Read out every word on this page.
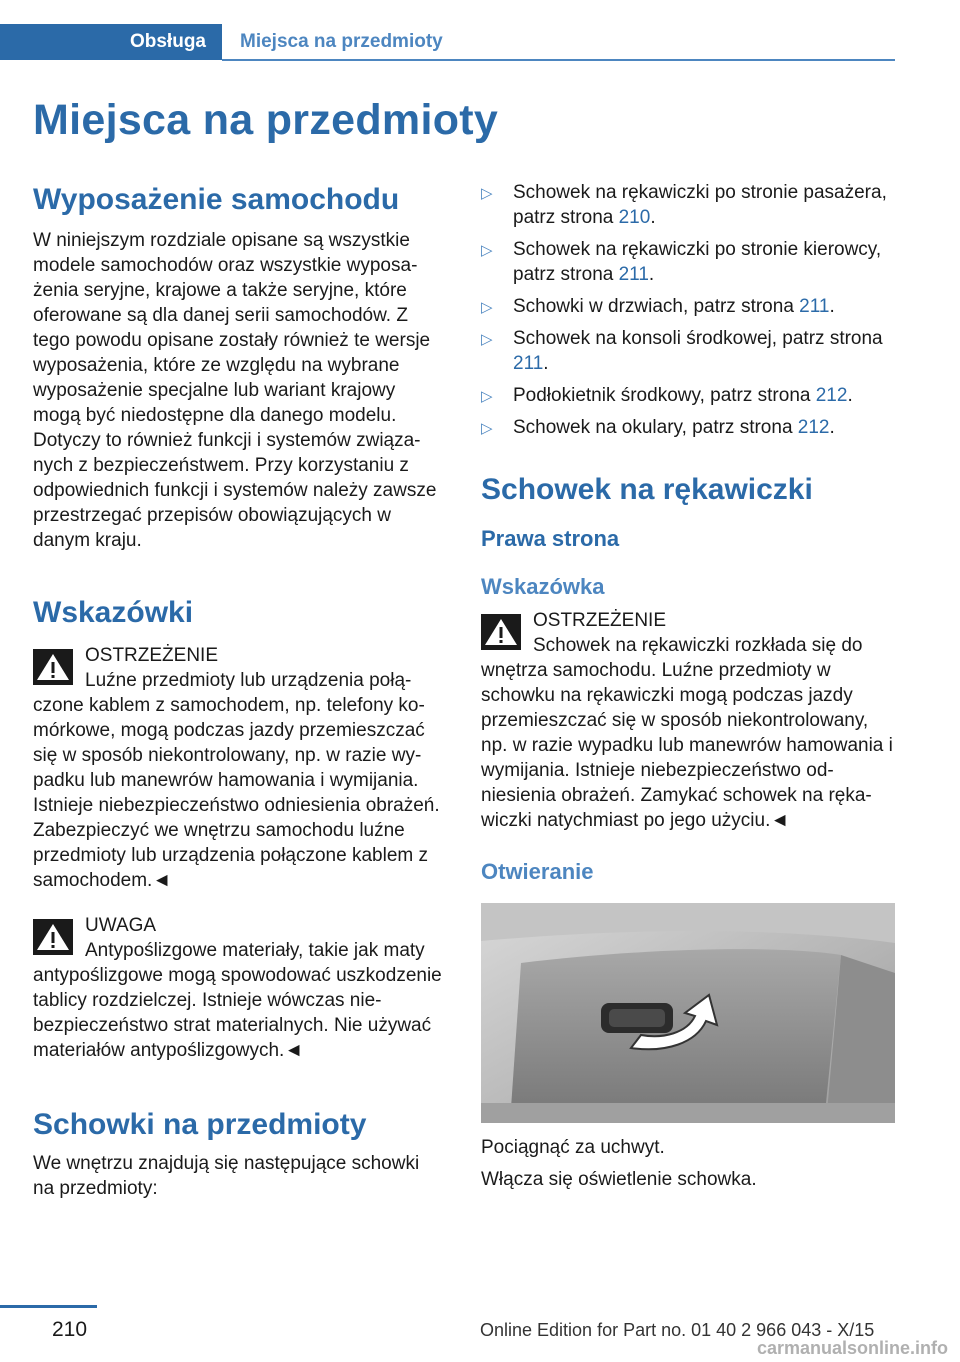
Obsługa	Miejsca na przedmioty
Miejsca na przedmioty
Wyposażenie samochodu

W niniejszym rozdziale opisane są wszystkie modele samochodów oraz wszystkie wyposażenia seryjne, krajowe a także seryjne, które oferowane są dla danej serii samochodów. Z tego powodu opisane zostały również te wersje wyposażenia, które ze względu na wybrane wyposażenie specjalne lub wariant krajowy mogą być niedostępne dla danego modelu. Dotyczy to również funkcji i systemów związanych z bezpieczeństwem. Przy korzystaniu z odpowiednich funkcji i systemów należy zawsze przestrzegać przepisów obowiązujących w danym kraju.

Wskazówki

OSTRZEŻENIE

Luźne przedmioty lub urządzenia połączone kablem z samochodem, np. telefony komórkowe, mogą podczas jazdy przemieszczać się w sposób niekontrolowany, np. w razie wypadku lub manewrów hamowania i wymijania. Istnieje niebezpieczeństwo odniesienia obrażeń. Zabezpieczyć we wnętrzu samochodu luźne przedmioty lub urządzenia połączone kablem z samochodem.◄

UWAGA

Antypoślizgowe materiały, takie jak maty antypoślizgowe mogą spowodować uszkodzenie tablicy rozdzielczej. Istnieje wówczas niebezpieczeństwo strat materialnych. Nie używać materiałów antypoślizgowych.◄

Schowki na przedmioty

We wnętrzu znajdują się następujące schowki na przedmioty:

▷ Schowek na rękawiczki po stronie pasażera, patrz strona 210.
▷ Schowek na rękawiczki po stronie kierowcy, patrz strona 211.
▷ Schowki w drzwiach, patrz strona 211.
▷ Schowek na konsoli środkowej, patrz strona 211.
▷ Podłokietnik środkowy, patrz strona 212.
▷ Schowek na okulary, patrz strona 212.
Schowek na rękawiczki
Prawa strona
Wskazówka

OSTRZEŻENIE

Schowek na rękawiczki rozkłada się do wnętrza samochodu. Luźne przedmioty w schowku na rękawiczki mogą podczas jazdy przemieszczać się w sposób niekontrolowany, np. w razie wypadku lub manewrów hamowania i wymijania. Istnieje niebezpieczeństwo odniesienia obrażeń. Zamykać schowek na rękawiczki natychmiast po jego użyciu.◄

Otwieranie

Pociągnąć za uchwyt.

Włącza się oświetlenie schowka.

210	Online Edition for Part no. 01 40 2 966 043 - X/15
carmanualsonline.info
